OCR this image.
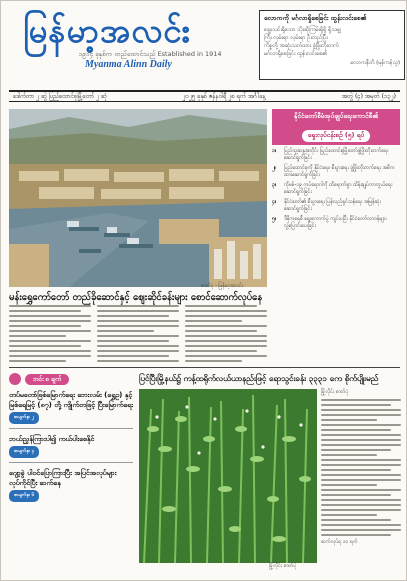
မြန်မာ့အလင်း
၁၉၁၄ ခုနှစ်က တည်ထောင်သည် Established in 1914
Myanma Alinn Daily
လောကကို မင်္ဂလာရှိစေခြင်း ထွန်းလင်းစေ၏
ချွေးသင်းရှိသော သိုးဆိုကြမ်းရှိရှိ ရှိသမျှ
ကြီး လှမ်းရာ လှမ်းရာ ဦးတည်ပြီး
ကိစ္စတို့ အဆုံးသတ်ထား ဖွံ့ဖြိုးတိုးတက်
မင်္ဂလာရှိစေခြင်း ထွန်းလင်းစေ၏
လောကနီတိ (မှန်ကန်သူ)
ဒေါက်တာ ၂ ဆွဲ ပြည်ထောင်စုမြို့တော် ၂ ဆုံ	၂၀၂၅ ခုနှစ် ဇန်နဝါရီ ၂၈ ရက် အင်္ဂါနေ့	အတွဲ (၄) အမှတ် (၁၃၂)
ဓာတ်ပုံ - မြန်မာ့အလင်း
နိုင်ငံတော်စီမံအုပ်ချုပ်ရေးကောင်စီ၏
ရှေးလုပ်ငန်းစဉ် (၅) ရပ်
၁။	ပြည်သူ့ဆန္ဒအတိုင်း ပြည်ထောင်စုမြို့တော်ဖွံ့ဖြိုးတိုးတက်ရေး ဆောင်ရွက်ခြင်း
၂။	ပြည်ထောင်စုကို နိုင်ငံရေး၊ စီးပွားရေး ဖွံ့ဖြိုးတိုးတက်ရေး အဓိကထားဆောင်ရွက်ခြင်း
၃။	ကိုဗစ်-၁၉ ကပ်ရောဂါကို ထိရောက်စွာ ထိန်းချုပ်ကာကွယ်ရေး ဆောင်ရွက်ခြင်း
၄။	နိုင်ငံတော်၏ စီးပွားရေး ပြန်လည်ရှင်သန်ရေး အမြန်ဆုံးဆောင်ရွက်ခြင်း
၅။	ဒီမိုကရေစီ ရွေးကောက်ပွဲ ကျင်းပပြီး နိုင်ငံတော်တာဝန်များ လွှဲပြောင်းပေးခြင်း
မန်းရွှေကော်တော် တည်ခိုဆောင်နှင့် ဈေးဆိုင်ခန်းများ စောင်ဆောက်လုပ်နေ
ဘဝ်း ၈ ချက်
တပ်မတော်ဖြစ်မြောက်ရေး ဘေးလမ်း (ရွှေဥ) နှင့် မြစ်ရေမြင့် (၈၇) တို့ ကျိုက်တဖြင့် ပြီးမြောက်ရေး
စာမျက်နှာ ၂
ဘယ်ညွှန်ကြားပါ၍ ကယ်ပါးစေနိုင်
စာမျက်နှာ ၄
ဂျော့ခွဲ ပါဝင်ပြောကြားပြီး အပြင်အလုပ်များ လုပ်ကိုင်ပြီး ဆက်နေ
စာမျက်နှာ ၆
ပြင်ပြီးမြို့နယ်၌ ကန့်ထရိုက်လယ်ယာနည်းဖြင့် ရောသွင်းခန်း ၃၃၃၁ ကေ စိုက်ပျိုးမည်
မြို့လိုင်း ဓာတ်ပုံ
မြို့လိုင်း ဓာတ်ပုံ
ဆက်လုပ်ရ ၁၀ ရက်
